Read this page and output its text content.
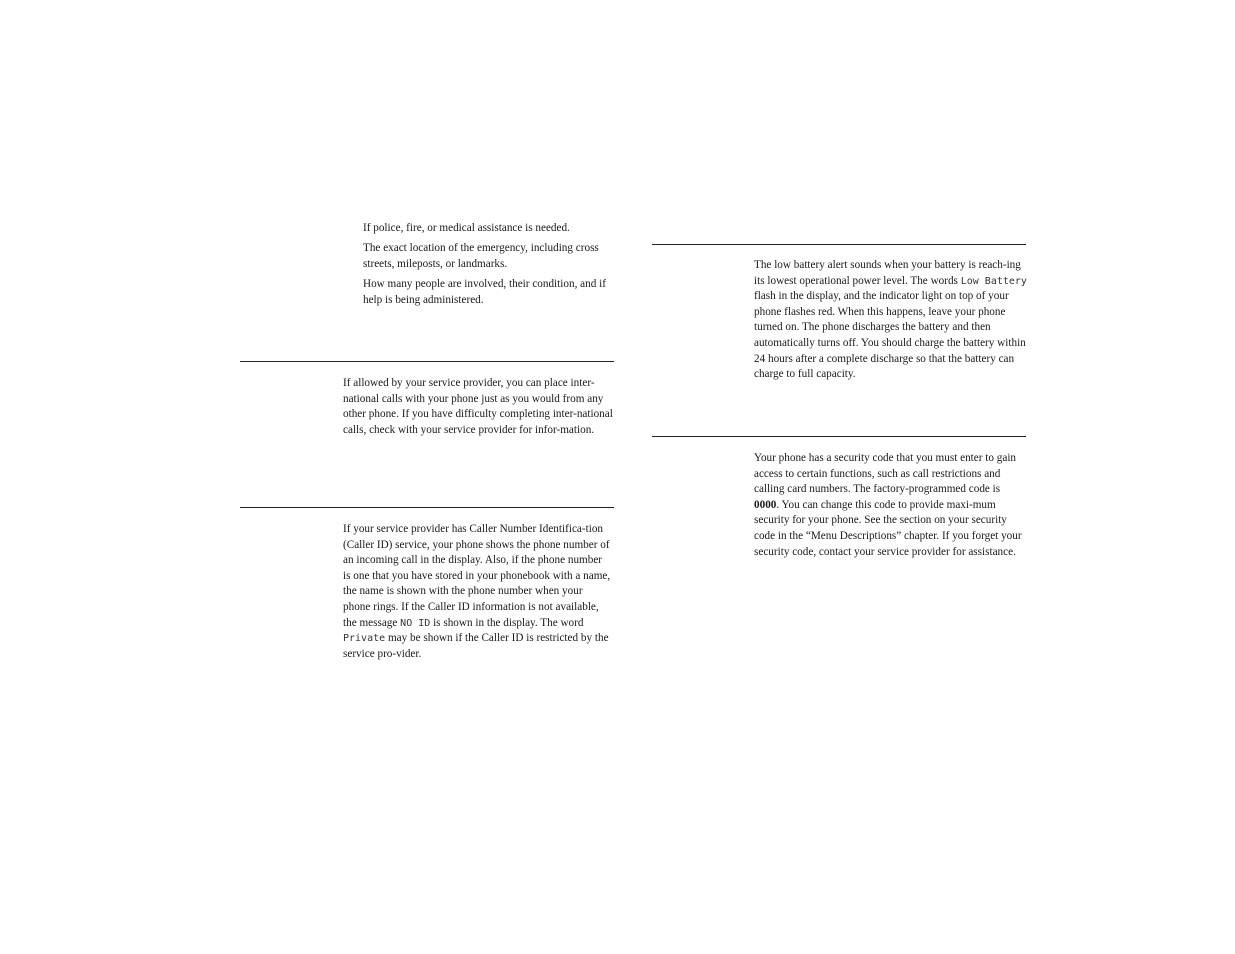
If police, fire, or medical assistance is needed.

The exact location of the emergency, including cross streets, mileposts, or landmarks.

How many people are involved, their condition, and if help is being administered.

If allowed by your service provider, you can place inter-national calls with your phone just as you would from any other phone. If you have difficulty completing inter-national calls, check with your service provider for infor-mation.

If your service provider has Caller Number Identifica-tion (Caller ID) service, your phone shows the phone number of an incoming call in the display. Also, if the phone number is one that you have stored in your phonebook with a name, the name is shown with the phone number when your phone rings. If the Caller ID information is not available, the message NO ID is shown in the display. The word Private may be shown if the Caller ID is restricted by the service pro-vider.

The low battery alert sounds when your battery is reach-ing its lowest operational power level. The words Low Battery flash in the display, and the indicator light on top of your phone flashes red. When this happens, leave your phone turned on. The phone discharges the battery and then automatically turns off. You should charge the battery within 24 hours after a complete discharge so that the battery can charge to full capacity.

Your phone has a security code that you must enter to gain access to certain functions, such as call restrictions and calling card numbers. The factory-programmed code is 0000. You can change this code to provide maxi-mum security for your phone. See the section on your security code in the “Menu Descriptions” chapter. If you forget your security code, contact your service provider for assistance.
